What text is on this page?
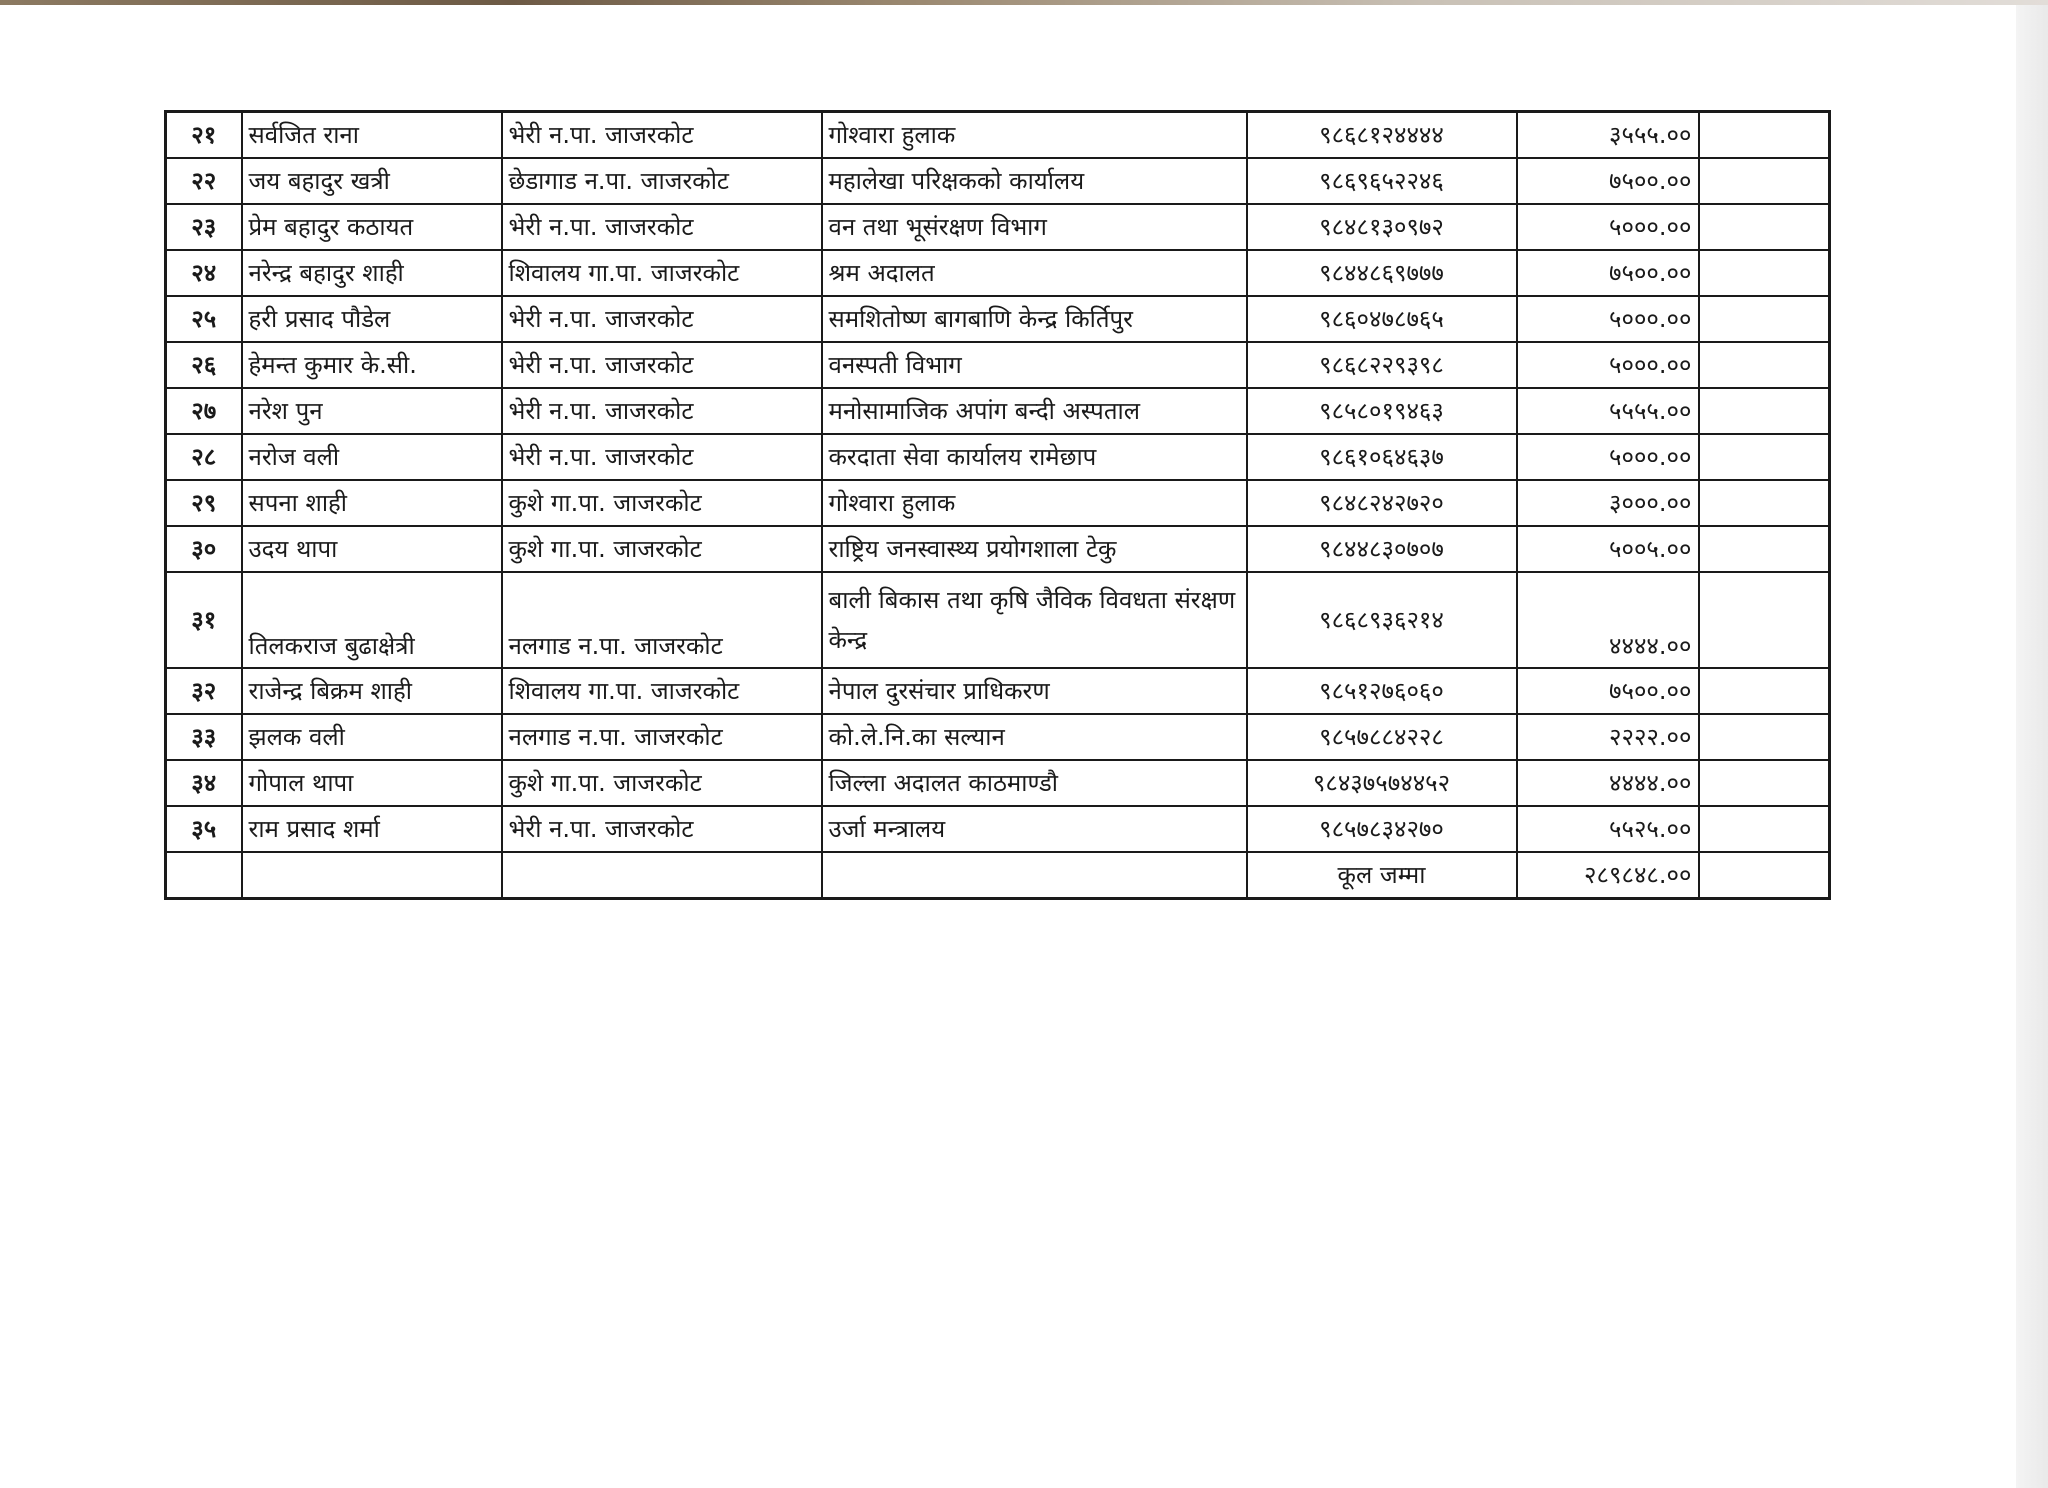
२१	सर्वजित राना	भेरी न.पा. जाजरकोट	गोश्वारा हुलाक	९८६८१२४४४४	३५५५.००	
२२	जय बहादुर खत्री	छेडागाड न.पा. जाजरकोट	महालेखा परिक्षकको कार्यालय	९८६९६५२२४६	७५००.००	
२३	प्रेम बहादुर कठायत	भेरी न.पा. जाजरकोट	वन तथा भूसंरक्षण विभाग	९८४८१३०९७२	५०००.००	
२४	नरेन्द्र बहादुर शाही	शिवालय गा.पा. जाजरकोट	श्रम अदालत	९८४४८६९७७७	७५००.००	
२५	हरी प्रसाद पौडेल	भेरी न.पा. जाजरकोट	समशितोष्ण बागबाणि केन्द्र किर्तिपुर	९८६०४७८७६५	५०००.००	
२६	हेमन्त कुमार के.सी.	भेरी न.पा. जाजरकोट	वनस्पती विभाग	९८६८२२९३९८	५०००.००	
२७	नरेश पुन	भेरी न.पा. जाजरकोट	मनोसामाजिक अपांग बन्दी अस्पताल	९८५८०१९४६३	५५५५.००	
२८	नरोज वली	भेरी न.पा. जाजरकोट	करदाता सेवा कार्यालय रामेछाप	९८६१०६४६३७	५०००.००	
२९	सपना शाही	कुशे गा.पा. जाजरकोट	गोश्वारा हुलाक	९८४८२४२७२०	३०००.००	
३०	उदय थापा	कुशे गा.पा. जाजरकोट	राष्ट्रिय जनस्वास्थ्य प्रयोगशाला टेकु	९८४४८३०७०७	५००५.००	
३१	तिलकराज बुढाक्षेत्री	नलगाड न.पा. जाजरकोट	बाली बिकास तथा कृषि जैविक विवधता संरक्षण केन्द्र	९८६८९३६२१४	४४४४.००	
३२	राजेन्द्र बिक्रम शाही	शिवालय गा.पा. जाजरकोट	नेपाल दुरसंचार प्राधिकरण	९८५१२७६०६०	७५००.००	
३३	झलक वली	नलगाड न.पा. जाजरकोट	को.ले.नि.का सल्यान	९८५७८८४२२८	२२२२.००	
३४	गोपाल थापा	कुशे गा.पा. जाजरकोट	जिल्ला अदालत काठमाण्डौ	९८४३७५७४४५२	४४४४.००	
३५	राम प्रसाद शर्मा	भेरी न.पा. जाजरकोट	उर्जा मन्त्रालय	९८५७८३४२७०	५५२५.००	
				कूल जम्मा	२८९८४८.००	
